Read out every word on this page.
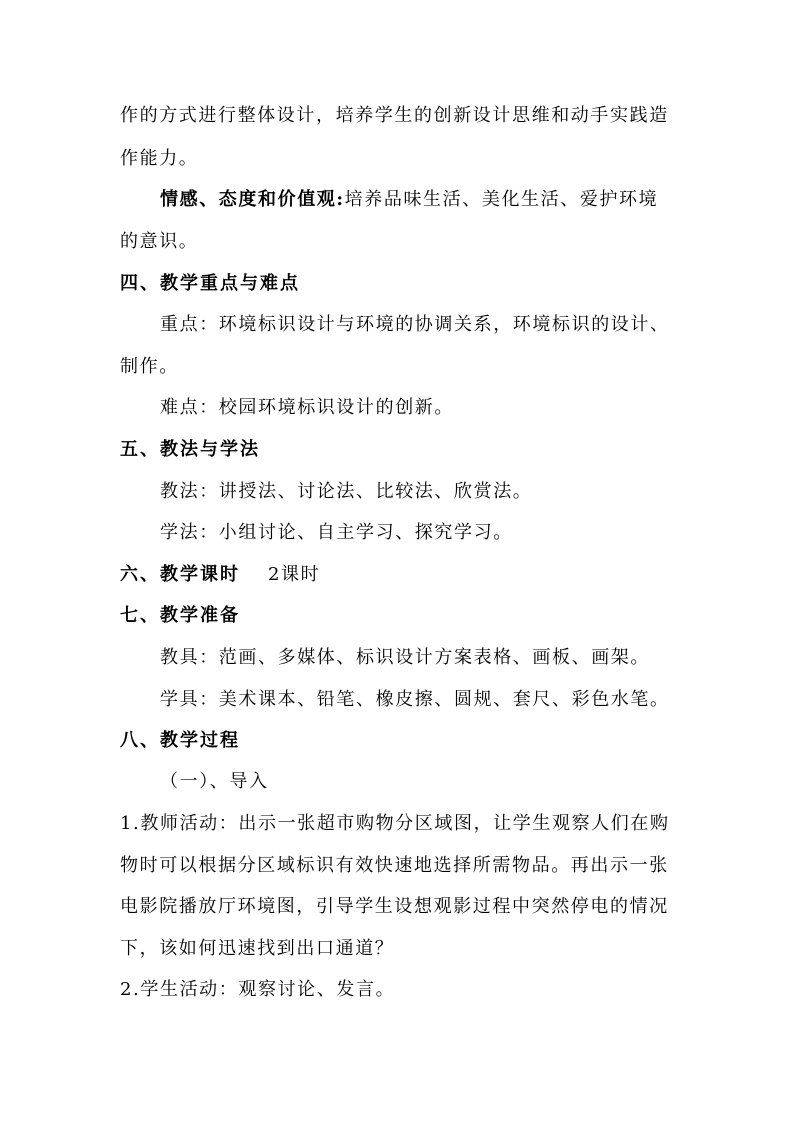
作的方式进行整体设计，培养学生的创新设计思维和动手实践造
作能力。
情感、态度和价值观:培养品味生活、美化生活、爱护环境
的意识。
四、教学重点与难点
重点：环境标识设计与环境的协调关系，环境标识的设计、
制作。
难点：校园环境标识设计的创新。
五、教法与学法
教法：讲授法、讨论法、比较法、欣赏法。
学法：小组讨论、自主学习、探究学习。
六、教学课时 2课时
七、教学准备
教具：范画、多媒体、标识设计方案表格、画板、画架。
学具：美术课本、铅笔、橡皮擦、圆规、套尺、彩色水笔。
八、教学过程
（一）、导入
1.教师活动：出示一张超市购物分区域图，让学生观察人们在购
物时可以根据分区域标识有效快速地选择所需物品。再出示一张
电影院播放厅环境图，引导学生设想观影过程中突然停电的情况
下，该如何迅速找到出口通道？
2.学生活动：观察讨论、发言。
